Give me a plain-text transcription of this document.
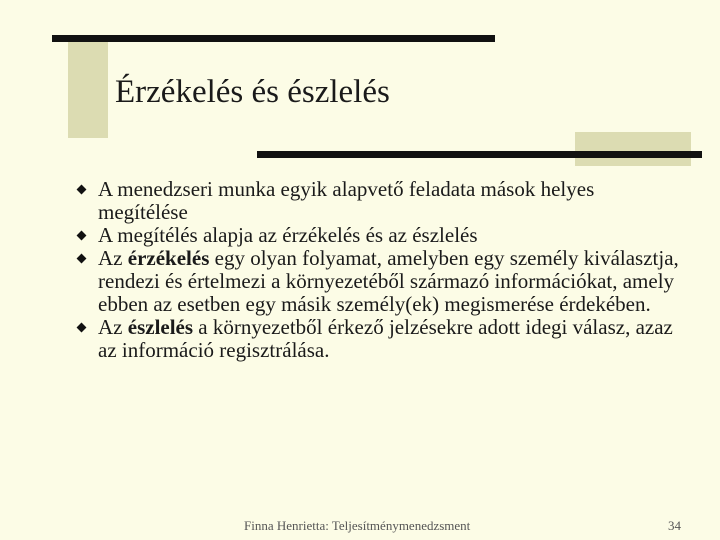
Érzékelés és észlelés
A menedzseri munka egyik alapvető feladata mások helyes megítélése
A megítélés alapja az érzékelés és az észlelés
Az érzékelés egy olyan folyamat, amelyben egy személy kiválasztja, rendezi és értelmezi a környezetéből származó információkat, amely ebben az esetben egy másik személy(ek) megismerése érdekében.
Az észlelés a környezetből érkező jelzésekre adott idegi válasz, azaz az információ regisztrálása.
Finna Henrietta: Teljesítménymenedzsment	34
